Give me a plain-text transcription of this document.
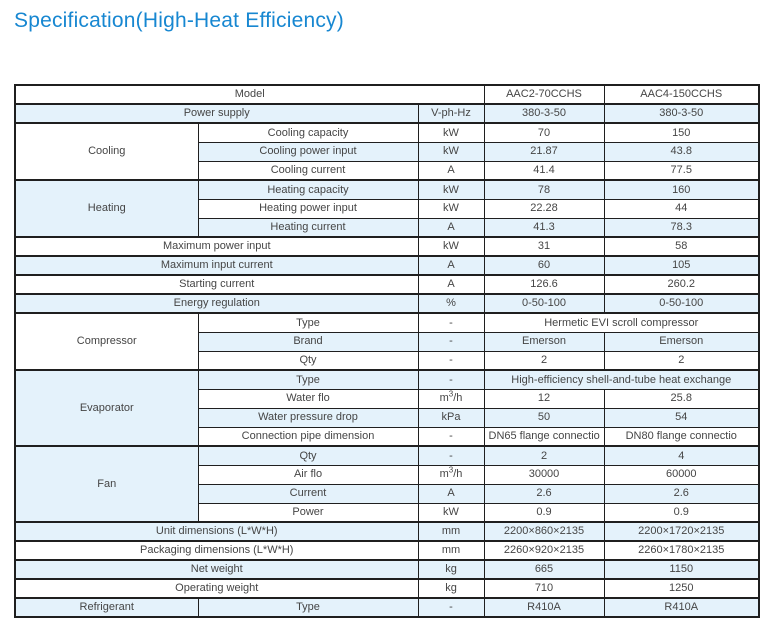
Specification(High-Heat Efficiency)
Model			AAC2-70CCHS	AAC4-150CCHS
Power supply		V-ph-Hz	380-3-50	380-3-50
Cooling	Cooling capacity	kW	70	150
	Cooling power input	kW	21.87	43.8
	Cooling current	A	41.4	77.5
Heating	Heating capacity	kW	78	160
	Heating power input	kW	22.28	44
	Heating current	A	41.3	78.3
Maximum power input		kW	31	58
Maximum input current		A	60	105
Starting current		A	126.6	260.2
Energy regulation		%	0-50-100	0-50-100
Compressor	Type	-	Hermetic EVI scroll compressor	
	Brand	-	Emerson	Emerson
	Qty	-	2	2
Evaporator	Type	-	High-efficiency shell-and-tube heat exchange	
	Water flo	$m^3/h$	12	25.8
	Water pressure drop	kPa	50	54
	Connection pipe dimension	-	DN65 flange connectio	DN80 flange connectio
Fan	Qty	-	2	4
	Air flo	$m^3/h$	30000	60000
	Current	A	2.6	2.6
	Power	kW	0.9	0.9
Unit dimensions (L*W*H)		mm	2200×860×2135	2200×1720×2135
Packaging dimensions (L*W*H)		mm	2260×920×2135	2260×1780×2135
Net weight		kg	665	1150
Operating weight		kg	710	1250
Refrigerant	Type	-	R410A	R410A
